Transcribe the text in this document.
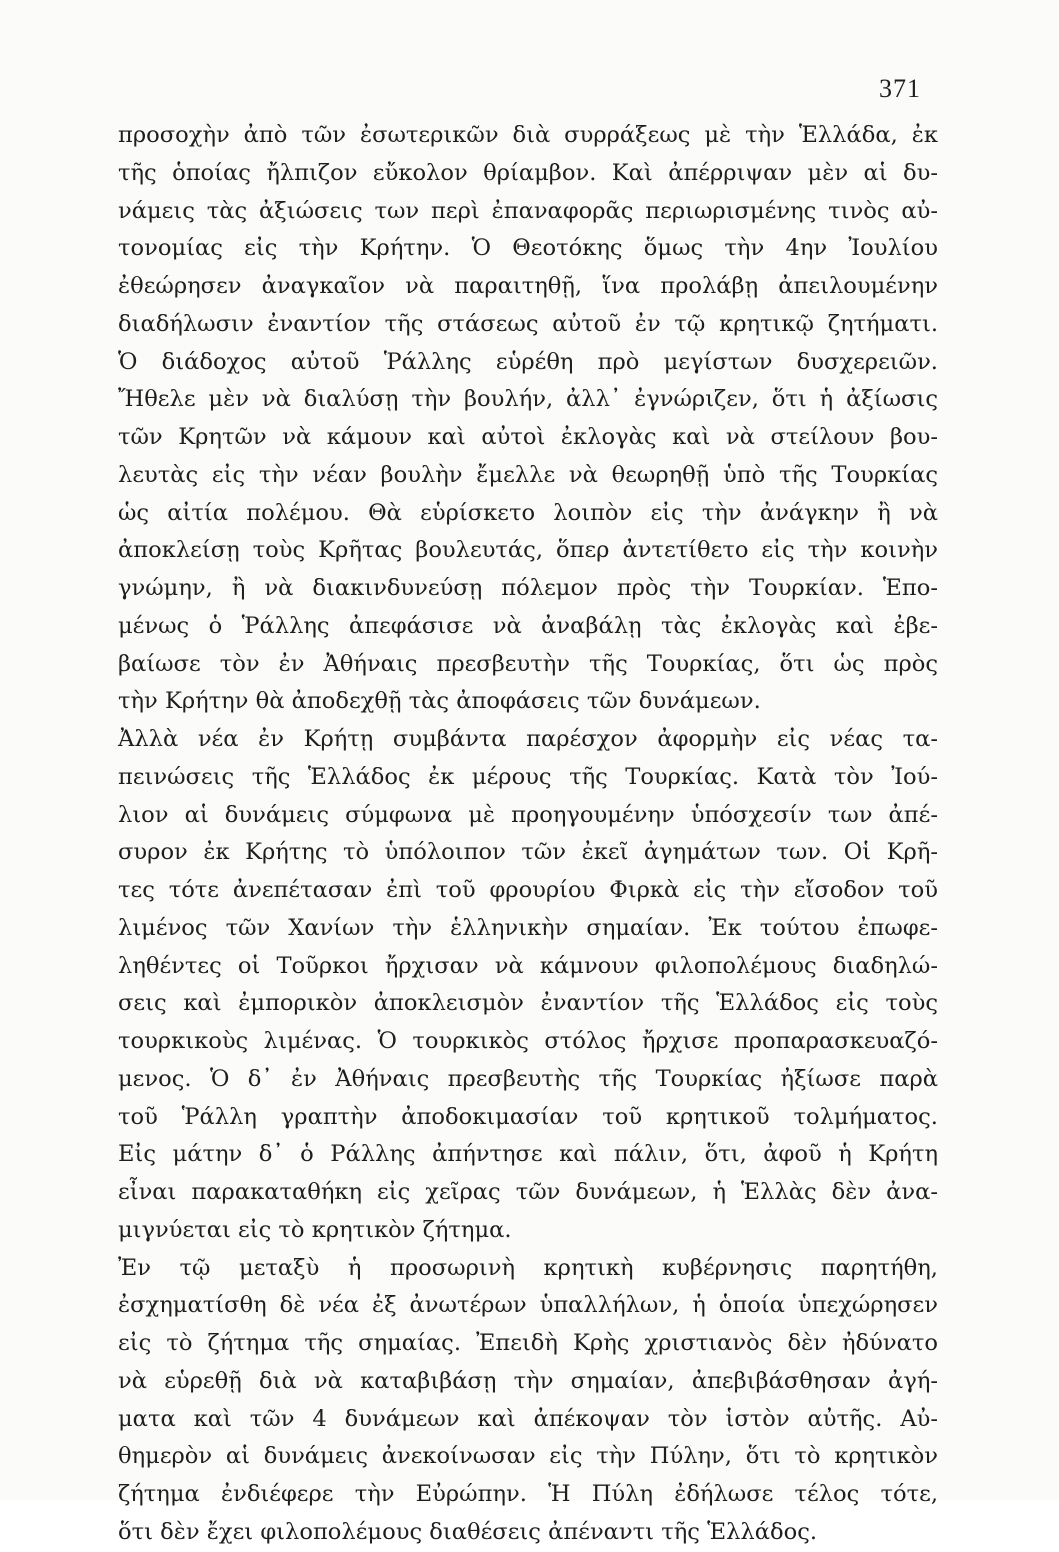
371
προσοχὴν ἀπὸ τῶν ἐσωτερικῶν διὰ συρράξεως μὲ τὴν Ἑλλάδα, ἐκ
τῆς ὁποίας ἤλπιζον εὔκολον θρίαμβον. Καὶ ἀπέρριψαν μὲν αἱ δυ-
νάμεις τὰς ἀξιώσεις των περὶ ἐπαναφορᾶς περιωρισμένης τινὸς αὐ-
τονομίας εἰς τὴν Κρήτην. Ὁ Θεοτόκης ὅμως τὴν 4ην Ἰουλίου
ἐθεώρησεν ἀναγκαῖον νὰ παραιτηθῇ, ἵνα προλάβῃ ἀπειλουμένην
διαδήλωσιν ἐναντίον τῆς στάσεως αὐτοῦ ἐν τῷ κρητικῷ ζητήματι.
Ὁ διάδοχος αὐτοῦ Ῥάλλης εὑρέθη πρὸ μεγίστων δυσχερειῶν.
Ἤθελε μὲν νὰ διαλύσῃ τὴν βουλήν, ἀλλ᾽ ἐγνώριζεν, ὅτι ἡ ἀξίωσις
τῶν Κρητῶν νὰ κάμουν καὶ αὐτοὶ ἐκλογὰς καὶ νὰ στείλουν βου-
λευτὰς εἰς τὴν νέαν βουλὴν ἔμελλε νὰ θεωρηθῇ ὑπὸ τῆς Τουρκίας
ὡς αἰτία πολέμου. Θὰ εὑρίσκετο λοιπὸν εἰς τὴν ἀνάγκην ἢ νὰ
ἀποκλείσῃ τοὺς Κρῆτας βουλευτάς, ὅπερ ἀντετίθετο εἰς τὴν κοινὴν
γνώμην, ἢ νὰ διακινδυνεύσῃ πόλεμον πρὸς τὴν Τουρκίαν. Ἑπο-
μένως ὁ Ῥάλλης ἀπεφάσισε νὰ ἀναβάλῃ τὰς ἐκλογὰς καὶ ἐβε-
βαίωσε τὸν ἐν Ἀθήναις πρεσβευτὴν τῆς Τουρκίας, ὅτι ὡς πρὸς
τὴν Κρήτην θὰ ἀποδεχθῇ τὰς ἀποφάσεις τῶν δυνάμεων.
Ἀλλὰ νέα ἐν Κρήτῃ συμβάντα παρέσχον ἀφορμὴν εἰς νέας τα-
πεινώσεις τῆς Ἑλλάδος ἐκ μέρους τῆς Τουρκίας. Κατὰ τὸν Ἰού-
λιον αἱ δυνάμεις σύμφωνα μὲ προηγουμένην ὑπόσχεσίν των ἀπέ-
συρον ἐκ Κρήτης τὸ ὑπόλοιπον τῶν ἐκεῖ ἀγημάτων των. Οἱ Κρῆ-
τες τότε ἀνεπέτασαν ἐπὶ τοῦ φρουρίου Φιρκὰ εἰς τὴν εἴσοδον τοῦ
λιμένος τῶν Χανίων τὴν ἑλληνικὴν σημαίαν. Ἐκ τούτου ἐπωφε-
ληθέντες οἱ Τοῦρκοι ἤρχισαν νὰ κάμνουν φιλοπολέμους διαδηλώ-
σεις καὶ ἐμπορικὸν ἀποκλεισμὸν ἐναντίον τῆς Ἑλλάδος εἰς τοὺς
τουρκικοὺς λιμένας. Ὁ τουρκικὸς στόλος ἤρχισε προπαρασκευαζό-
μενος. Ὁ δ᾽ ἐν Ἀθήναις πρεσβευτὴς τῆς Τουρκίας ἠξίωσε παρὰ
τοῦ Ῥάλλη γραπτὴν ἀποδοκιμασίαν τοῦ κρητικοῦ τολμήματος.
Εἰς μάτην δ᾽ ὁ Ράλλης ἀπήντησε καὶ πάλιν, ὅτι, ἀφοῦ ἡ Κρήτη
εἶναι παρακαταθήκη εἰς χεῖρας τῶν δυνάμεων, ἡ Ἑλλὰς δὲν ἀνα-
μιγνύεται εἰς τὸ κρητικὸν ζήτημα.
Ἐν τῷ μεταξὺ ἡ προσωρινὴ κρητικὴ κυβέρνησις παρητήθη,
ἐσχηματίσθη δὲ νέα ἐξ ἀνωτέρων ὑπαλλήλων, ἡ ὁποία ὑπεχώρησεν
εἰς τὸ ζήτημα τῆς σημαίας. Ἐπειδὴ Κρὴς χριστιανὸς δὲν ἠδύνατο
νὰ εὑρεθῇ διὰ νὰ καταβιβάσῃ τὴν σημαίαν, ἀπεβιβάσθησαν ἀγή-
ματα καὶ τῶν 4 δυνάμεων καὶ ἀπέκοψαν τὸν ἱστὸν αὐτῆς. Αὐ-
θημερὸν αἱ δυνάμεις ἀνεκοίνωσαν εἰς τὴν Πύλην, ὅτι τὸ κρητικὸν
ζήτημα ἐνδιέφερε τὴν Εὐρώπην. Ἡ Πύλη ἐδήλωσε τέλος τότε,
ὅτι δὲν ἔχει φιλοπολέμους διαθέσεις ἀπέναντι τῆς Ἑλλάδος.
